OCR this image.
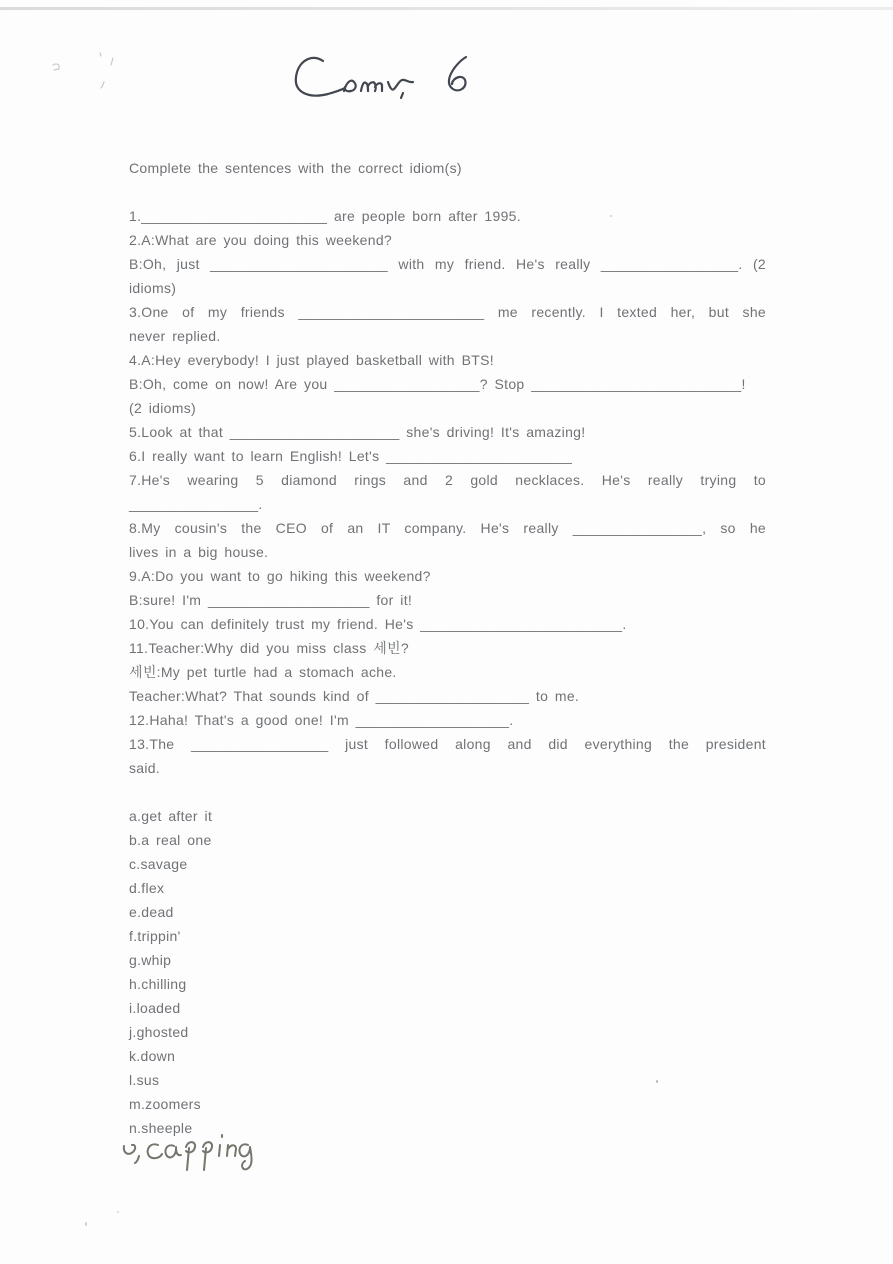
Complete the sentences with the correct idiom(s)
1._______________________ are people born after 1995.
2.A:What are you doing this weekend?
B:Oh, just ______________________ with my friend. He's really _________________. (2
idioms)
3.One of my friends _______________________ me recently. I texted her, but she
never replied.
4.A:Hey everybody! I just played basketball with BTS!
B:Oh, come on now! Are you __________________? Stop __________________________!
(2 idioms)
5.Look at that _____________________ she's driving! It's amazing!
6.I really want to learn English! Let's _______________________
7.He's wearing 5 diamond rings and 2 gold necklaces. He's really trying to
________________.
8.My cousin's the CEO of an IT company. He's really ________________, so he
lives in a big house.
9.A:Do you want to go hiking this weekend?
B:sure! I'm ____________________ for it!
10.You can definitely trust my friend. He's _________________________.
11.Teacher:Why did you miss class 세빈?
세빈:My pet turtle had a stomach ache.
Teacher:What? That sounds kind of ___________________ to me.
12.Haha! That's a good one! I'm ___________________.
13.The _________________ just followed along and did everything the president
said.
a.get after it
b.a real one
c.savage
d.flex
e.dead
f.trippin'
g.whip
h.chilling
i.loaded
j.ghosted
k.down
l.sus
m.zoomers
n.sheeple
